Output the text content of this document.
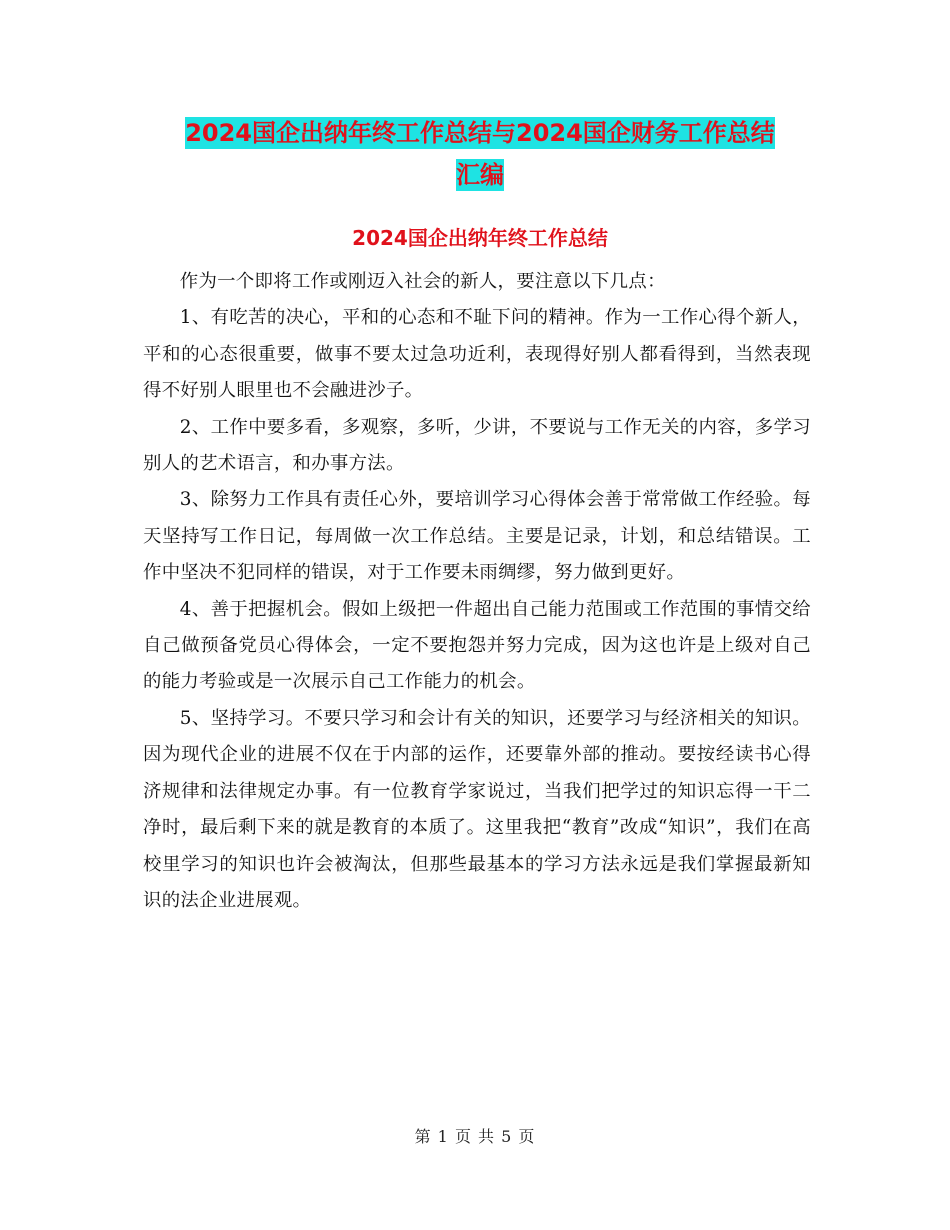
2024国企出纳年终工作总结与2024国企财务工作总结
汇编
2024国企出纳年终工作总结

作为一个即将工作或刚迈入社会的新人，要注意以下几点：

1、有吃苦的决心，平和的心态和不耻下问的精神。作为一工作心得个新人，平和的心态很重要，做事不要太过急功近利，表现得好别人都看得到，当然表现得不好别人眼里也不会融进沙子。

2、工作中要多看，多观察，多听，少讲，不要说与工作无关的内容，多学习别人的艺术语言，和办事方法。

3、除努力工作具有责任心外，要培训学习心得体会善于常常做工作经验。每天坚持写工作日记，每周做一次工作总结。主要是记录，计划，和总结错误。工作中坚决不犯同样的错误，对于工作要未雨绸缪，努力做到更好。

4、善于把握机会。假如上级把一件超出自己能力范围或工作范围的事情交给自己做预备党员心得体会，一定不要抱怨并努力完成，因为这也许是上级对自己的能力考验或是一次展示自己工作能力的机会。

5、坚持学习。不要只学习和会计有关的知识，还要学习与经济相关的知识。因为现代企业的进展不仅在于内部的运作，还要靠外部的推动。要按经读书心得济规律和法律规定办事。有一位教育学家说过，当我们把学过的知识忘得一干二净时，最后剩下来的就是教育的本质了。这里我把“教育”改成“知识”，我们在高校里学习的知识也许会被淘汰，但那些最基本的学习方法永远是我们掌握最新知识的法企业进展观。

第 1 页 共 5 页
